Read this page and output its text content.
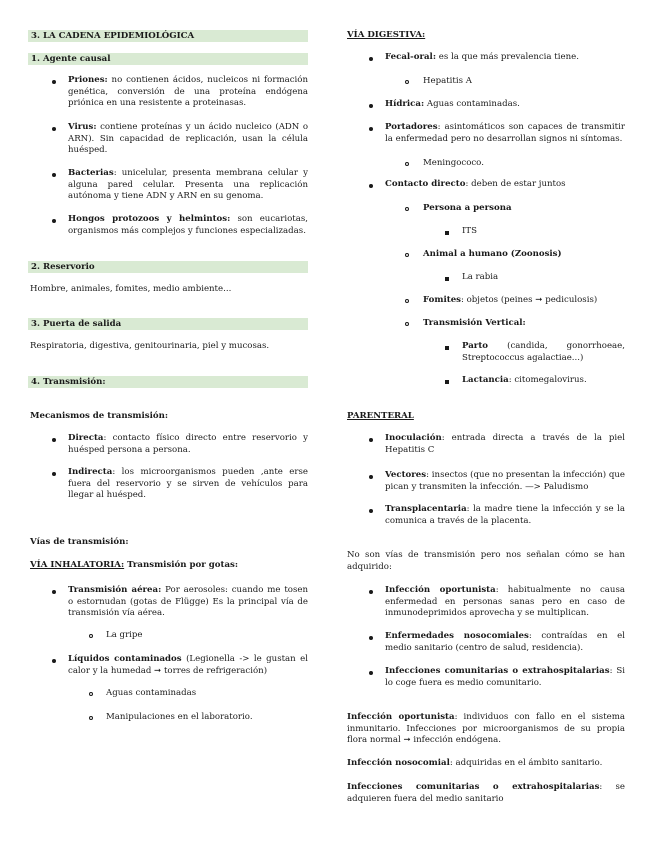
3. LA CADENA EPIDEMIOLÓGICA
1. Agente causal
Priones: no contienen ácidos, nucleicos ni formación genética, conversión de una proteína endógena priónica en una resistente a proteinasas.
Virus: contiene proteínas y un ácido nucleico (ADN o ARN). Sin capacidad de replicación, usan la célula huésped.
Bacterias: unicelular, presenta membrana celular y alguna pared celular. Presenta una replicación autónoma y tiene ADN y ARN en su genoma.
Hongos protozoos y helmintos: son eucariotas, organismos más complejos y funciones especializadas.
2. Reservorio
Hombre, animales, fomites, medio ambiente...
3. Puerta de salida
Respiratoria, digestiva, genitourinaria, piel y mucosas.
4. Transmisión:
Mecanismos de transmisión:
Directa: contacto físico directo entre reservorio y huésped persona a persona.
Indirecta: los microorganismos pueden ,ante erse fuera del reservorio y se sirven de vehículos para llegar al huésped.
Vías de transmisión:
VÍA INHALATORIA: Transmisión por gotas:
Transmisión aérea: Por aerosoles: cuando me tosen o estornudan (gotas de Flügge) Es la principal vía de transmisión vía aérea.
La gripe
Líquidos contaminados (Legionella -> le gustan el calor y la humedad ➞ torres de refrigeración)
Aguas contaminadas
Manipulaciones en el laboratorio.
VÍA DIGESTIVA:
Fecal-oral: es la que más prevalencia tiene.
Hepatitis A
Hídrica: Aguas contaminadas.
Portadores: asintomáticos son capaces de transmitir la enfermedad pero no desarrollan signos ni síntomas.
Meningococo.
Contacto directo: deben de estar juntos
Persona a persona
ITS
Animal a humano (Zoonosis)
La rabia
Fomites: objetos (peines ➞ pediculosis)
Transmisión Vertical:
Parto (candida, gonorrhoeae, Streptococcus agalactiae...)
Lactancia: citomegalovirus.
PARENTERAL
Inoculación: entrada directa a través de la piel Hepatitis C
Vectores: insectos (que no presentan la infección) que pican y transmiten la infección. —> Paludismo
Transplacentaria: la madre tiene la infección y se la comunica a través de la placenta.
No son vías de transmisión pero nos señalan cómo se han adquirido:
Infección oportunista: habitualmente no causa enfermedad en personas sanas pero en caso de inmunodeprimidos aprovecha y se multiplican.
Enfermedades nosocomiales: contraídas en el medio sanitario (centro de salud, residencia).
Infecciones comunitarias o extrahospitalarias: Si lo coge fuera es medio comunitario.
Infección oportunista: individuos con fallo en el sistema inmunitario. Infecciones por microorganismos de su propia flora normal ➞ infección endógena.
Infección nosocomial: adquiridas en el ámbito sanitario.
Infecciones comunitarias o extrahospitalarias: se adquieren fuera del medio sanitario
